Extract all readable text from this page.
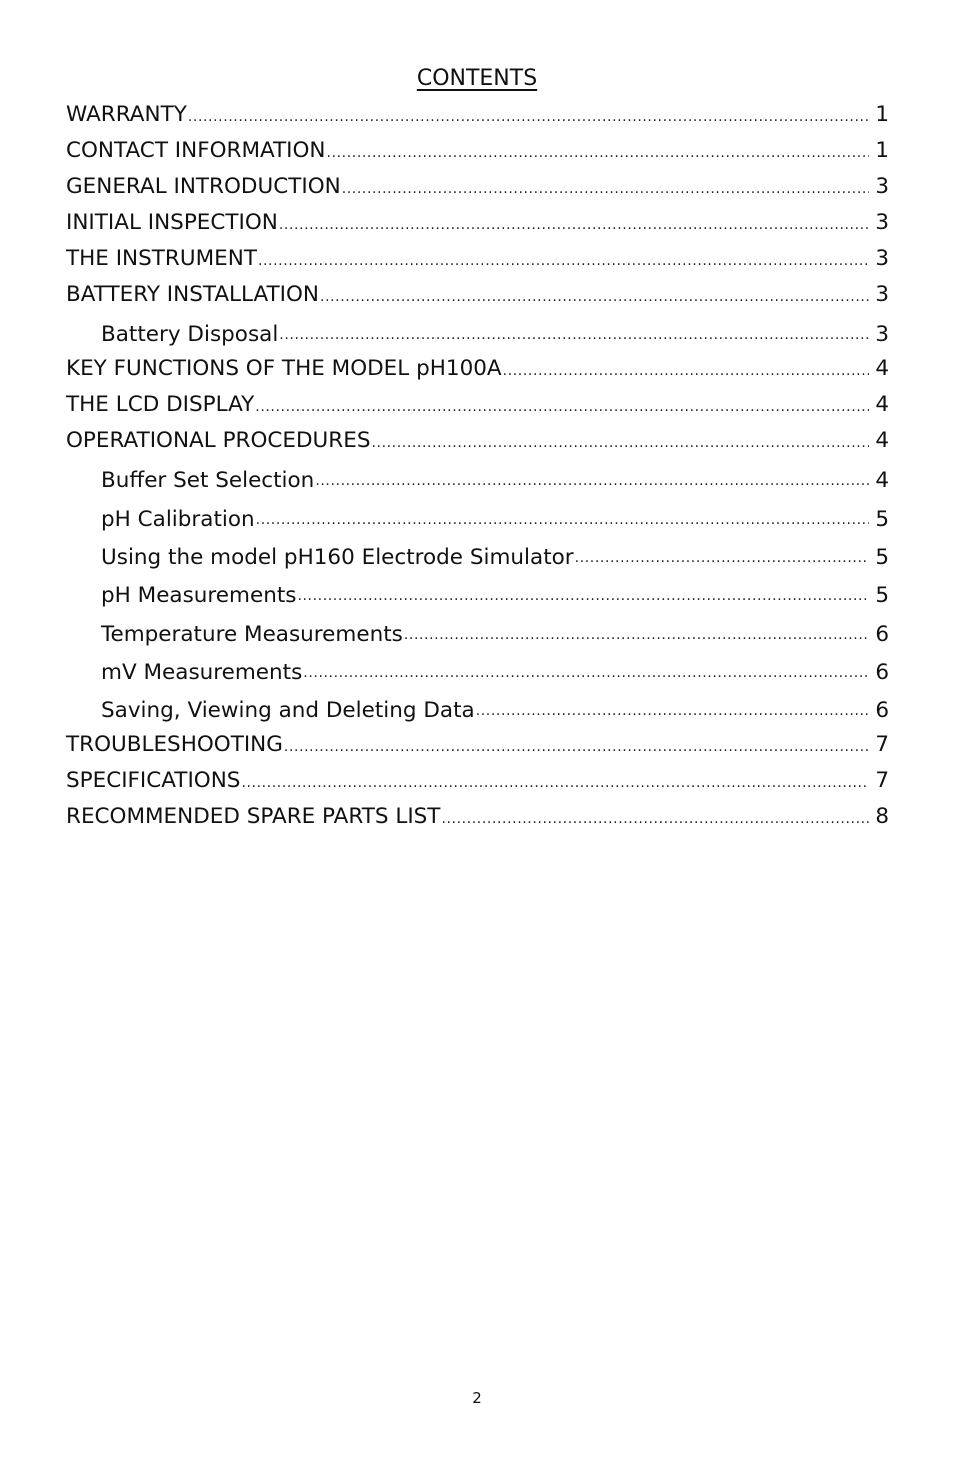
CONTENTS
WARRANTY .....	1
CONTACT INFORMATION .....	1
GENERAL INTRODUCTION .....	3
INITIAL INSPECTION .....	3
THE INSTRUMENT .....	3
BATTERY INSTALLATION .....	3
Battery Disposal .....	3
KEY FUNCTIONS OF THE MODEL pH100A .....	4
THE LCD DISPLAY .....	4
OPERATIONAL PROCEDURES .....	4
Buffer Set Selection .....	4
pH Calibration .....	5
Using the model pH160 Electrode Simulator .....	5
pH Measurements .....	5
Temperature Measurements .....	6
mV Measurements .....	6
Saving, Viewing and Deleting Data .....	6
TROUBLESHOOTING .....	7
SPECIFICATIONS .....	7
RECOMMENDED SPARE PARTS LIST .....	8
2
